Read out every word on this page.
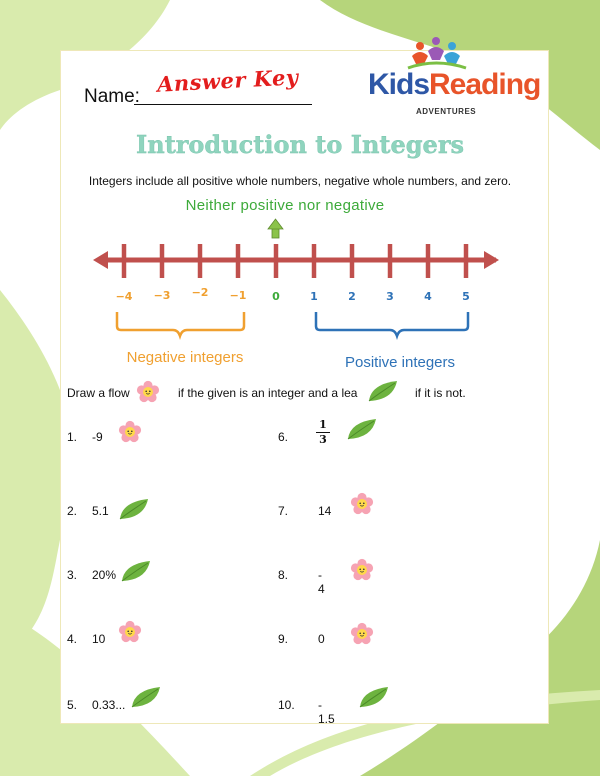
Name: Answer Key KidsReading
ADVENTURES
Introduction to Integers
Integers include all positive whole numbers, negative whole numbers, and zero.
Neither positive nor negative
−4 −3 −2 −1 0	1	2	3	4	5
Negative integers	Positive integers
Draw a flow	if the given is an integer and a lea	if it is not.
1. -9
2. 5.1
3. 20%
4. 10
5. 0.33...
6.
1
3
7. 14
8. - 4
9. 0
10. - 1.5
